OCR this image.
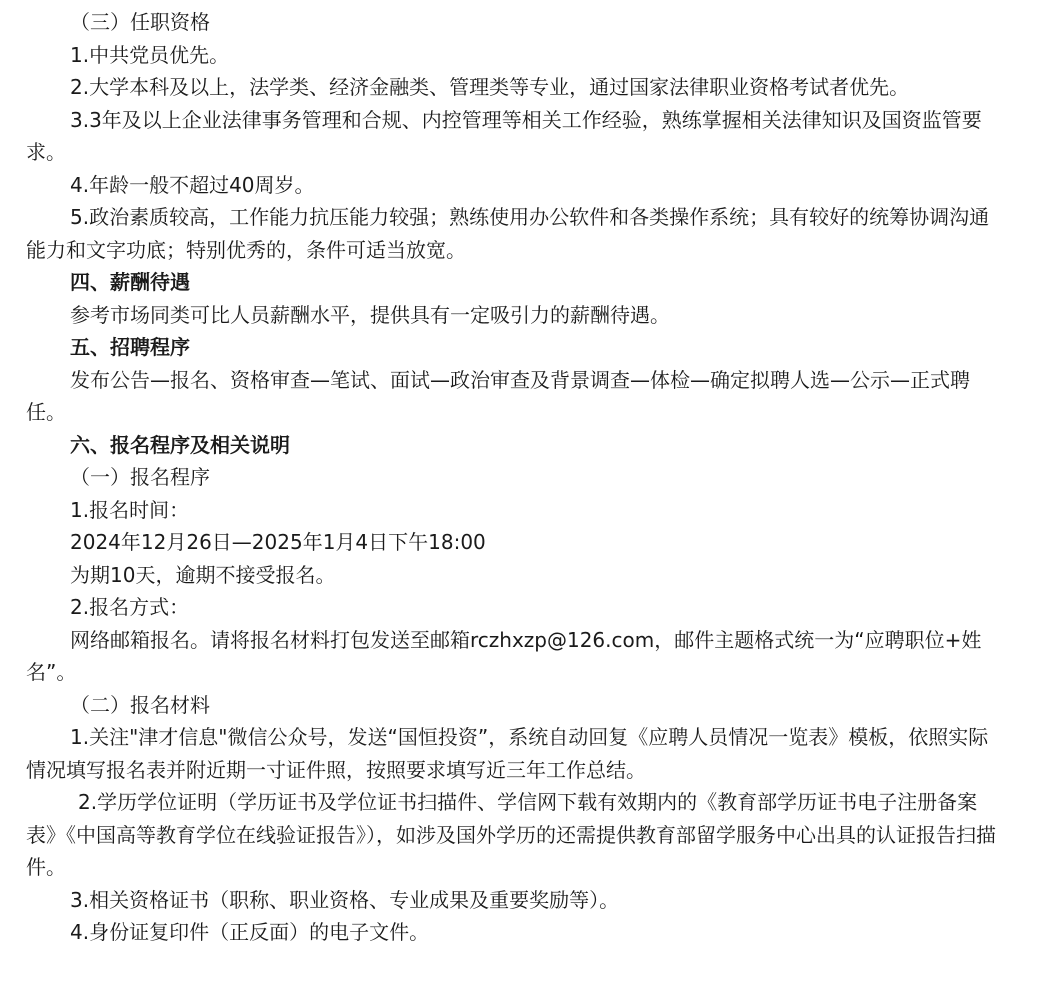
（三）任职资格

1.中共党员优先。

2.大学本科及以上，法学类、经济金融类、管理类等专业，通过国家法律职业资格考试者优先。

3.3年及以上企业法律事务管理和合规、内控管理等相关工作经验，熟练掌握相关法律知识及国资监管要求。

4.年龄一般不超过40周岁。

5.政治素质较高，工作能力抗压能力较强；熟练使用办公软件和各类操作系统；具有较好的统筹协调沟通能力和文字功底；特别优秀的，条件可适当放宽。

四、薪酬待遇

参考市场同类可比人员薪酬水平，提供具有一定吸引力的薪酬待遇。

五、招聘程序

发布公告—报名、资格审查—笔试、面试—政治审查及背景调查—体检—确定拟聘人选—公示—正式聘任。

六、报名程序及相关说明

（一）报名程序

1.报名时间：

2024年12月26日—2025年1月4日下午18:00

为期10天，逾期不接受报名。

2.报名方式：

网络邮箱报名。请将报名材料打包发送至邮箱rczhxzp@126.com，邮件主题格式统一为“应聘职位+姓名”。

（二）报名材料

1.关注"津才信息"微信公众号，发送“国恒投资”，系统自动回复《应聘人员情况一览表》模板，依照实际情况填写报名表并附近期一寸证件照，按照要求填写近三年工作总结。

2.学历学位证明（学历证书及学位证书扫描件、学信网下载有效期内的《教育部学历证书电子注册备案表》《中国高等教育学位在线验证报告》），如涉及国外学历的还需提供教育部留学服务中心出具的认证报告扫描件。

3.相关资格证书（职称、职业资格、专业成果及重要奖励等）。

4.身份证复印件（正反面）的电子文件。
